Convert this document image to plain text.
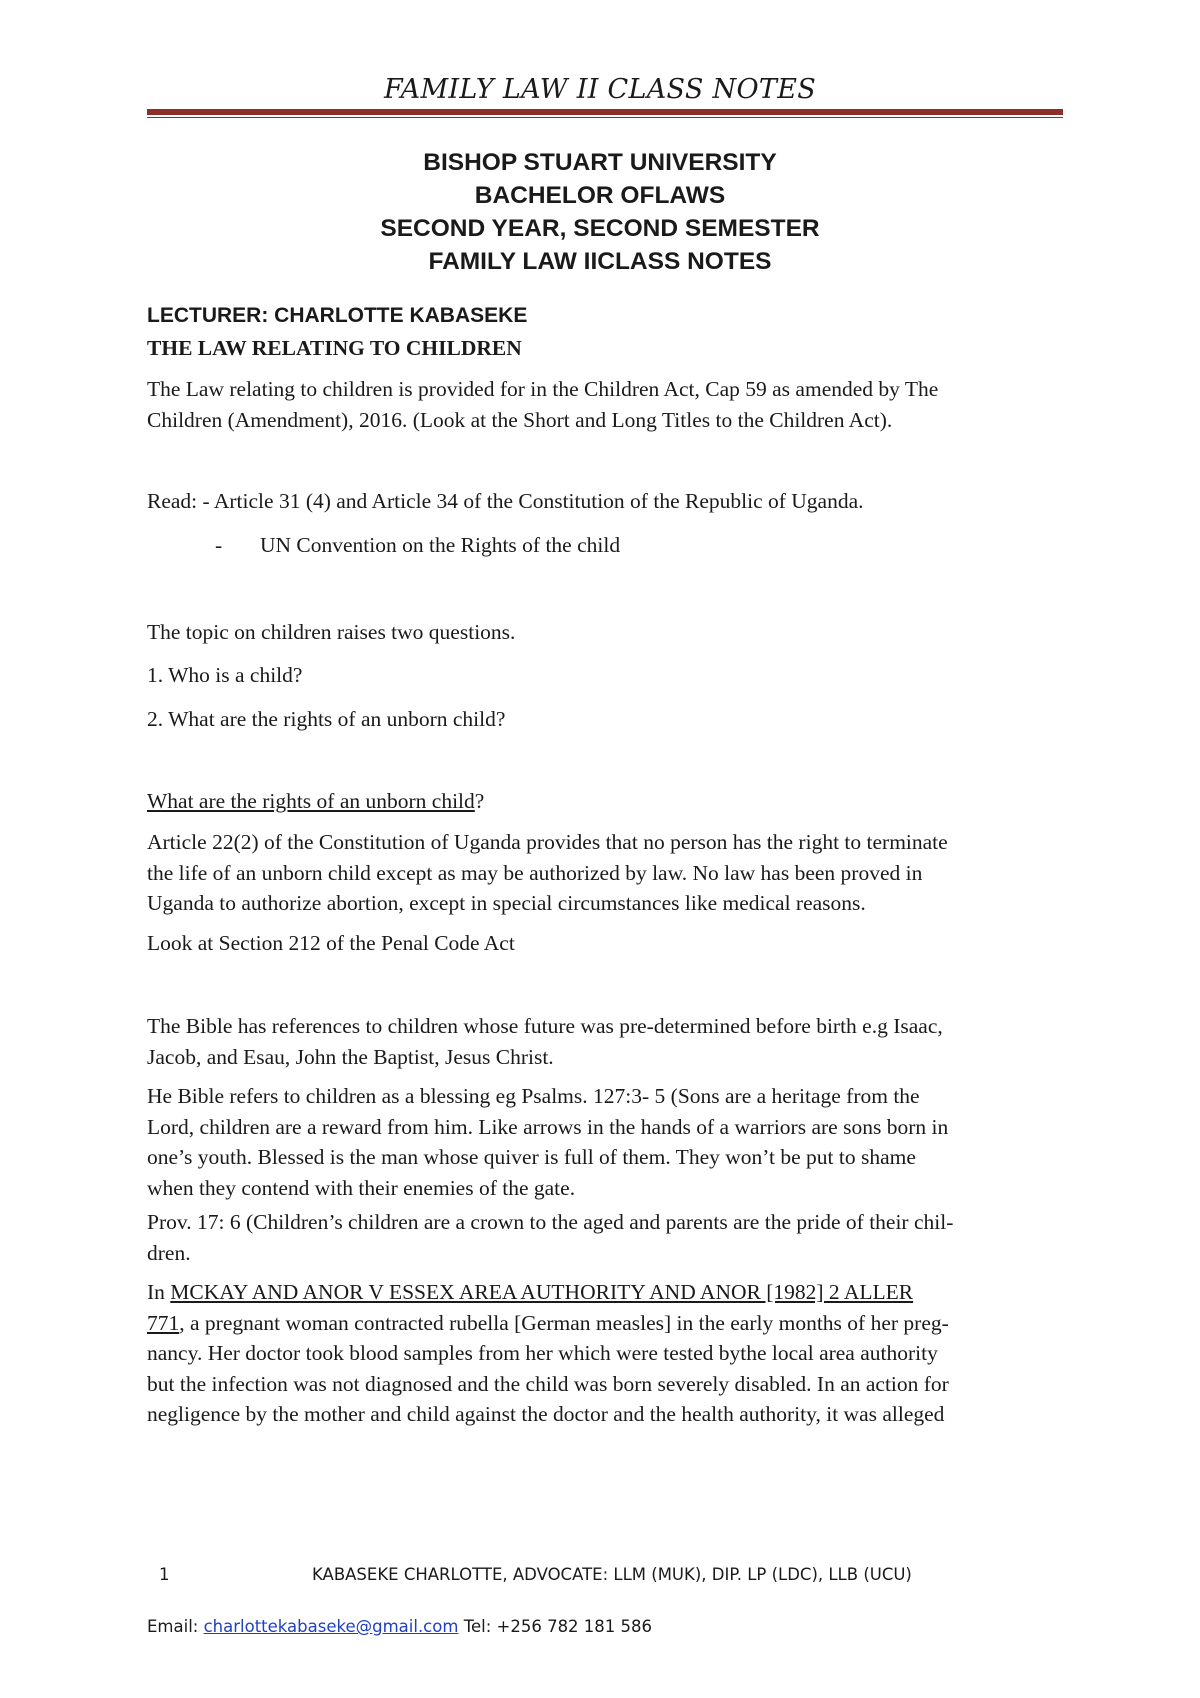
FAMILY LAW II CLASS NOTES
BISHOP STUART UNIVERSITY
BACHELOR OFLAWS
SECOND YEAR, SECOND SEMESTER
FAMILY LAW IICLASS NOTES
LECTURER: CHARLOTTE KABASEKE
THE LAW RELATING TO CHILDREN
The Law relating to children is provided for in the Children Act, Cap 59 as amended by The
Children (Amendment), 2016. (Look at the Short and Long Titles to the Children Act).
Read: - Article 31 (4) and Article 34 of the Constitution of the Republic of Uganda.
- UN Convention on the Rights of the child
The topic on children raises two questions.
1. Who is a child?
2. What are the rights of an unborn child?
What are the rights of an unborn child?
Article 22(2) of the Constitution of Uganda provides that no person has the right to terminate
the life of an unborn child except as may be authorized by law. No law has been proved in
Uganda to authorize abortion, except in special circumstances like medical reasons.
Look at Section 212 of the Penal Code Act
The Bible has references to children whose future was pre-determined before birth e.g Isaac,
Jacob, and Esau, John the Baptist, Jesus Christ.
He Bible refers to children as a blessing eg Psalms. 127:3- 5 (Sons are a heritage from the
Lord, children are a reward from him. Like arrows in the hands of a warriors are sons born in
one’s youth. Blessed is the man whose quiver is full of them. They won’t be put to shame
when they contend with their enemies of the gate.
Prov. 17: 6 (Children’s children are a crown to the aged and parents are the pride of their chil-
dren.
In MCKAY AND ANOR V ESSEX AREA AUTHORITY AND ANOR [1982] 2 ALLER
771, a pregnant woman contracted rubella [German measles] in the early months of her preg-
nancy. Her doctor took blood samples from her which were tested bythe local area authority
but the infection was not diagnosed and the child was born severely disabled. In an action for
negligence by the mother and child against the doctor and the health authority, it was alleged
1	KABASEKE CHARLOTTE, ADVOCATE: LLM (MUK), DIP. LP (LDC), LLB (UCU)
Email: charlottekabaseke@gmail.com Tel: +256 782 181 586
